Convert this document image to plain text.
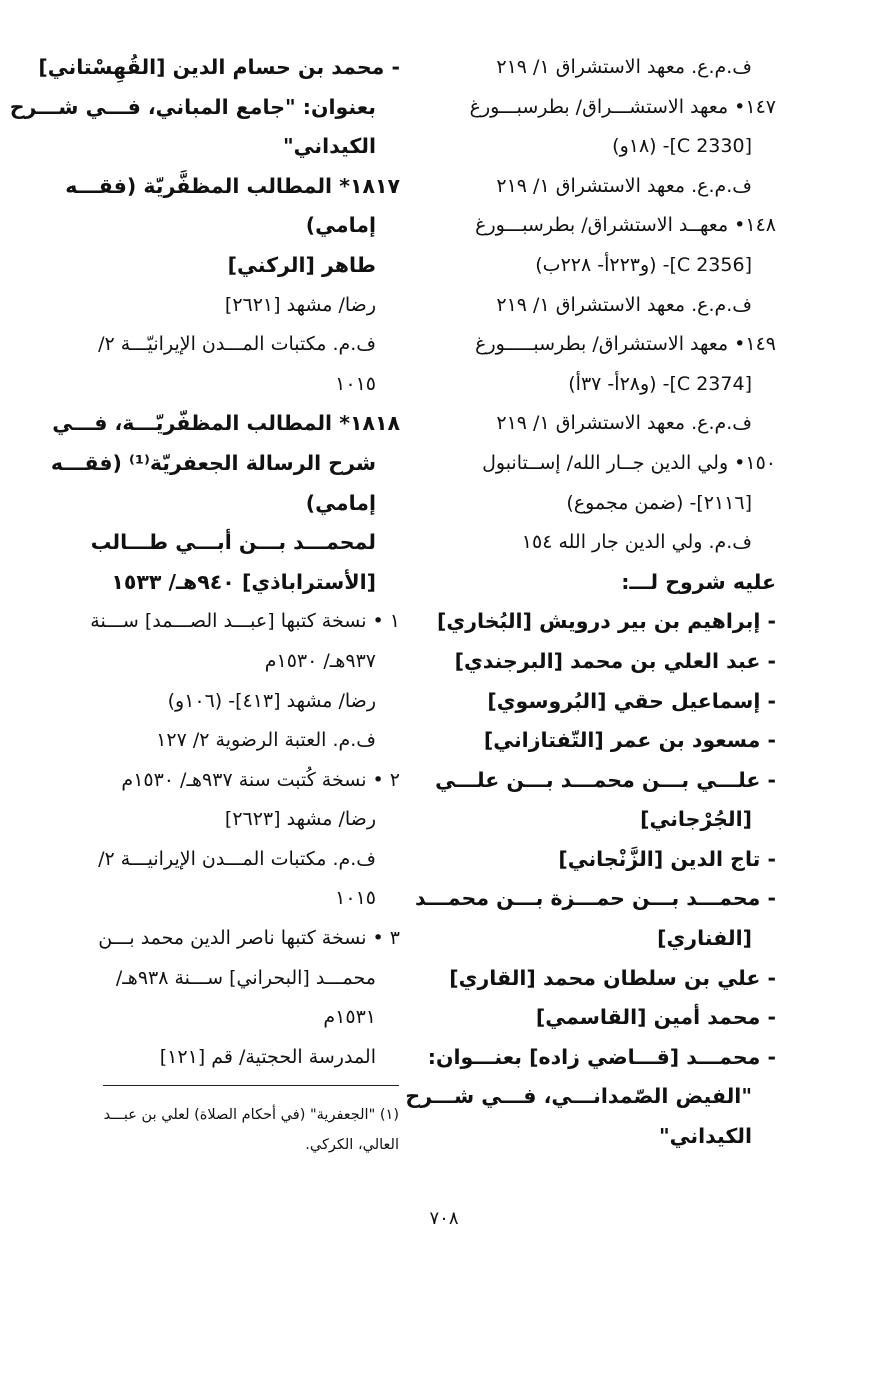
ف.م.ع. معهد الاستشراق ١/ ٢١٩
١٤٧• معهد الاستشـــراق/ بطرسبـــورغ
[C 2330]- (١٨و)
ف.م.ع. معهد الاستشراق ١/ ٢١٩
١٤٨• معهــد الاستشراق/ بطرسبـــورغ
[C 2356]- (و٢٢٣أ- ٢٢٨ب)
ف.م.ع. معهد الاستشراق ١/ ٢١٩
١٤٩• معهد الاستشراق/ بطرسبـــــورغ
[C 2374]- (و٢٨أ- ٣٧أ)
ف.م.ع. معهد الاستشراق ١/ ٢١٩
١٥٠• ولي الدين جــار الله/ إســتانبول
[٢١١٦]- (ضمن مجموع)
ف.م. ولي الدين جار الله ١٥٤
عليه شروح لـــ:
- إبراهيم بن بير درويش [البُخاري]
- عبد العلي بن محمد [البرجندي]
- إسماعيل حقي [البُروسوي]
- مسعود بن عمر [التّفتازاني]
- علـــي بـــن محمـــد بـــن علـــي
[الجُرْجاني]
- تاج الدين [الزَّنْجاني]
- محمـــد بـــن حمـــزة بـــن محمـــد
[الفناري]
- علي بن سلطان محمد [القاري]
- محمد أمين [القاسمي]
- محمـــد [قـــاضي زاده] بعنـــوان:
"الفيض الصّمدانـــي، فـــي شـــرح
الكيداني"
- محمد بن حسام الدين [القُهِسْتاني]
بعنوان: "جامع المباني، فـــي شـــرح
الكيداني"
١٨١٧* المطالب المظفَّريّة (فقـــه
إمامي)
طاهر [الركني]
رضا/ مشهد [٢٦٢١]
ف.م. مكتبات المـــدن الإيرانيّـــة ٢/
١٠١٥
١٨١٨* المطالب المظفّريّـــة، فـــي
شرح الرسالة الجعفريّة⁽¹⁾ (فقـــه
إمامي)
لمحمـــد بـــن أبـــي طـــالب
[الأستراباذي] ٩٤٠هـ/ ١٥٣٣
١ • نسخة كتبها [عبـــد الصـــمد] ســـنة
٩٣٧هـ/ ١٥٣٠م
رضا/ مشهد [٤١٣]- (١٠٦و)
ف.م. العتبة الرضوية ٢/ ١٢٧
٢ • نسخة كُتبت سنة ٩٣٧هـ/ ١٥٣٠م
رضا/ مشهد [٢٦٢٣]
ف.م. مكتبات المـــدن الإيرانيـــة ٢/
١٠١٥
٣ • نسخة كتبها ناصر الدين محمد بـــن
محمـــد [البحراني] ســـنة ٩٣٨هـ/
١٥٣١م
المدرسة الحجتية/ قم [١٢١]
(١) "الجعفرية" (في أحكام الصلاة) لعلي بن عبـــد
العالي، الكركي.
٧٠٨
